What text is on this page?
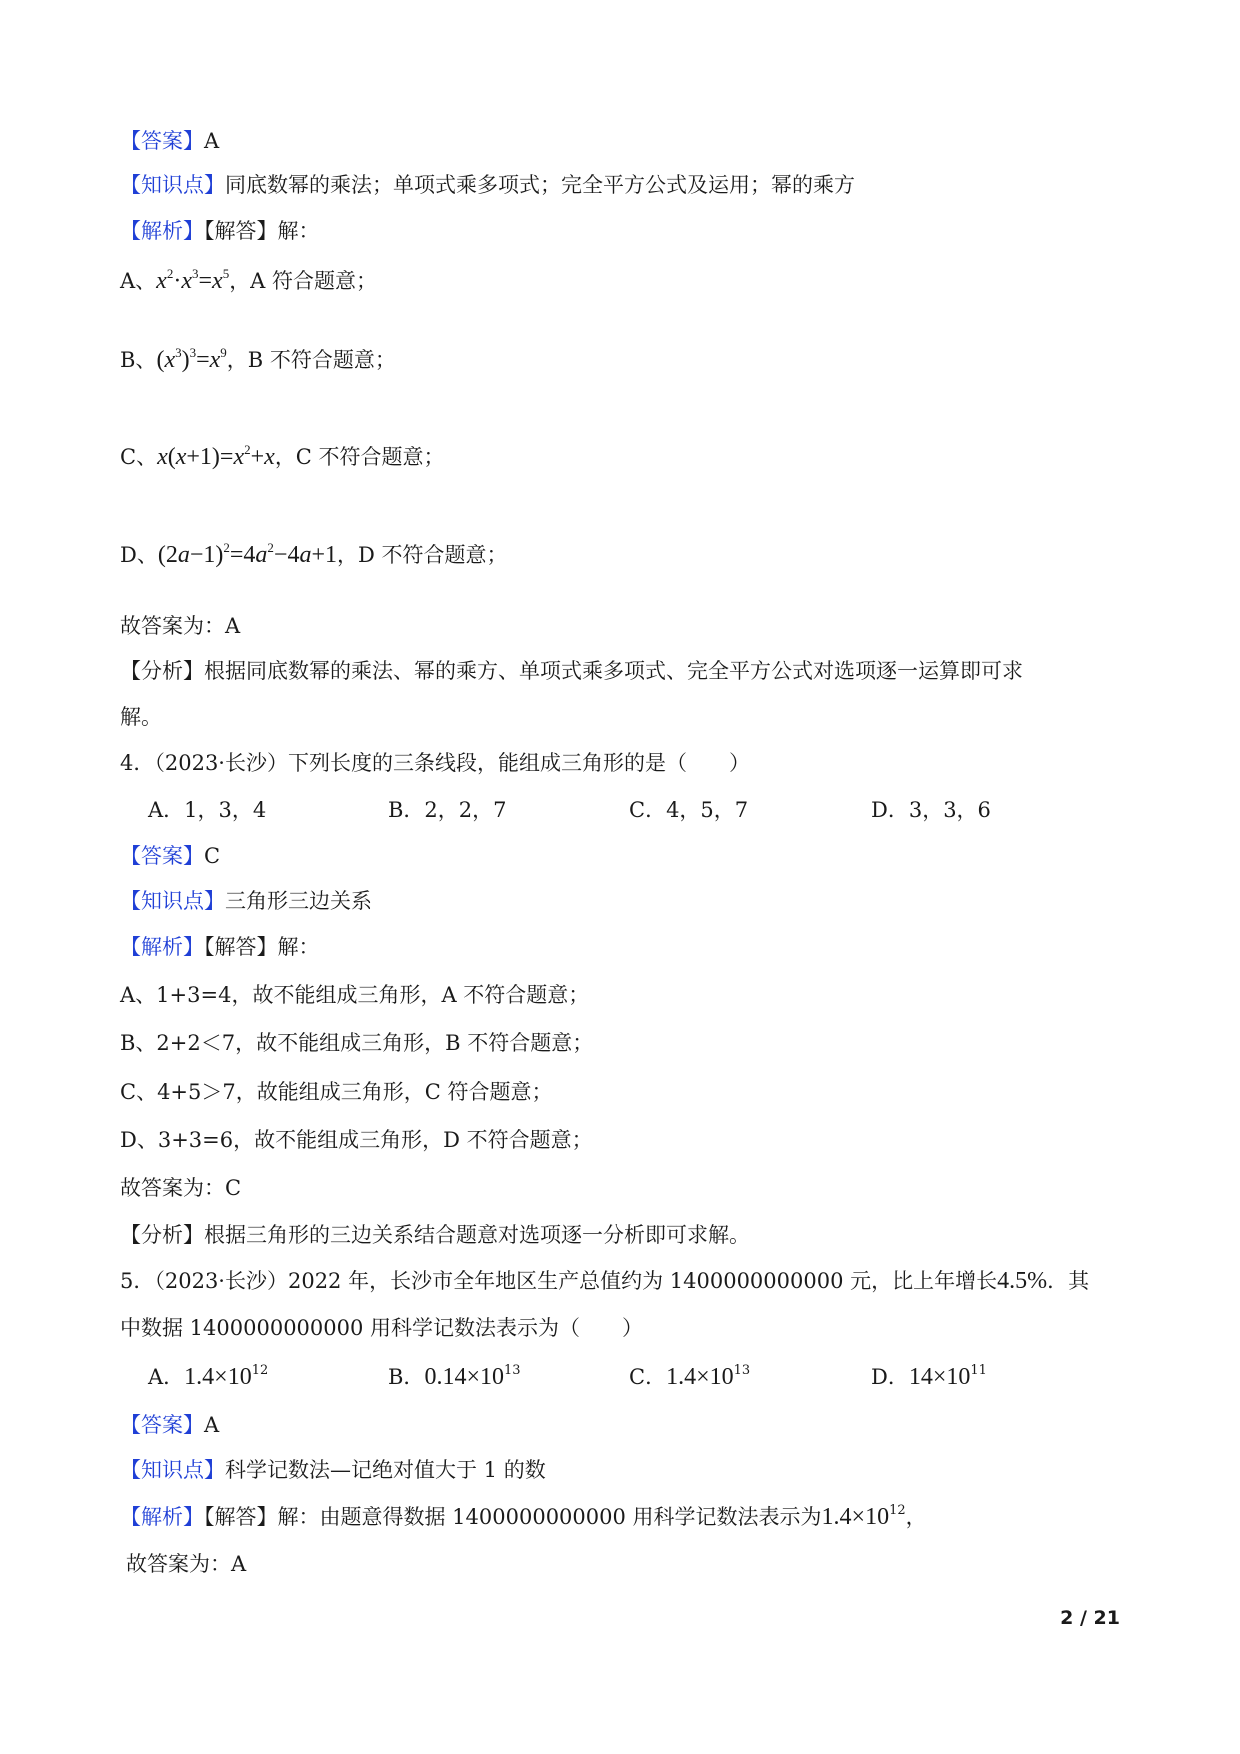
【答案】A
【知识点】同底数幂的乘法；单项式乘多项式；完全平方公式及运用；幂的乘方
【解析】【解答】解：
A、$x^2\cdot x^3=x^5$，A 符合题意；
B、$(x^3)^3=x^9$，B 不符合题意；
C、$x(x+1)=x^2+x$，C 不符合题意；
D、$(2a-1)^2=4a^2-4a+1$，D 不符合题意；
故答案为：A
【分析】根据同底数幂的乘法、幂的乘方、单项式乘多项式、完全平方公式对选项逐一运算即可求
解。
4．（2023·长沙）下列长度的三条线段，能组成三角形的是（　　）
A．1，3，4	B．2，2，7	C．4，5，7	D．3，3，6
【答案】C
【知识点】三角形三边关系
【解析】【解答】解：
A、1+3=4，故不能组成三角形，A 不符合题意；
B、2+2＜7，故不能组成三角形，B 不符合题意；
C、4+5＞7，故能组成三角形，C 符合题意；
D、3+3=6，故不能组成三角形，D 不符合题意；
故答案为：C
【分析】根据三角形的三边关系结合题意对选项逐一分析即可求解。
5．（2023·长沙）2022 年，长沙市全年地区生产总值约为 1400000000000 元，比上年增长4.5%．其
中数据 1400000000000 用科学记数法表示为（　　）
A．$1.4\times 10^{12}$	B．$0.14\times 10^{13}$	C．$1.4\times 10^{13}$	D．$14\times 10^{11}$
【答案】A
【知识点】科学记数法—记绝对值大于 1 的数
【解析】【解答】解：由题意得数据 1400000000000 用科学记数法表示为$1.4\times 10^{12}$，
故答案为：A
2 / 21
